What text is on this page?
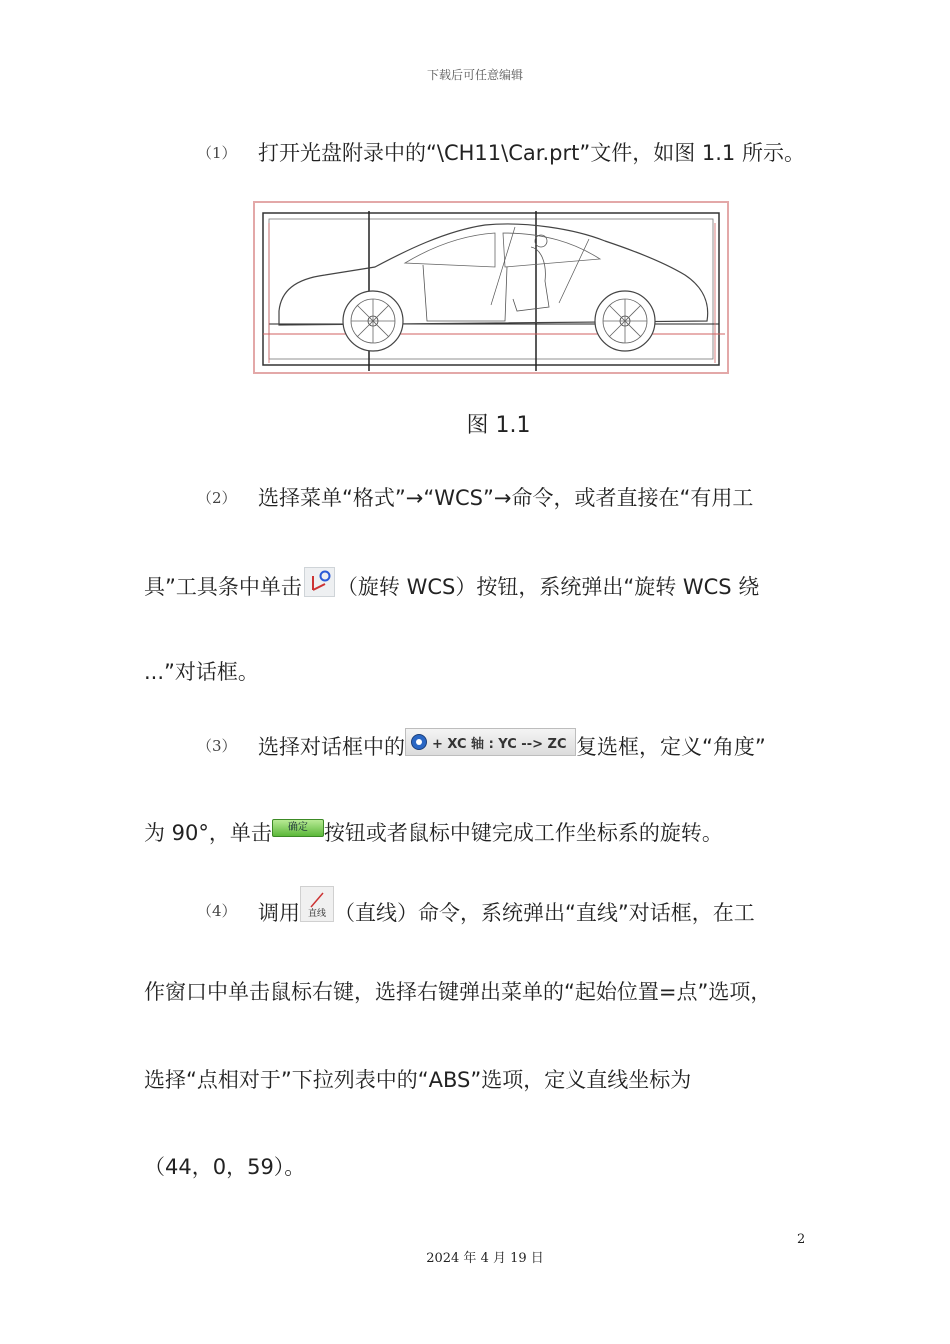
下载后可任意编辑
（1） 打开光盘附录中的“\CH11\Car.prt”文件，如图 1.1 所示。
图 1.1
（2） 选择菜单“格式”→“WCS”→命令，或者直接在“有用工
具”工具条中单击 （旋转 WCS）按钮，系统弹出“旋转 WCS 绕
...”对话框。
（3） 选择对话框中的 + XC 轴 : YC --> ZC 复选框，定义“角度”
为 90°，单击 确定 按钮或者鼠标中键完成工作坐标系的旋转。
（4） 调用 直线 （直线）命令，系统弹出“直线”对话框，在工
作窗口中单击鼠标右键，选择右键弹出菜单的“起始位置=点”选项，
选择“点相对于”下拉列表中的“ABS”选项，定义直线坐标为
（44，0，59）。
2
2024 年 4 月 19 日
